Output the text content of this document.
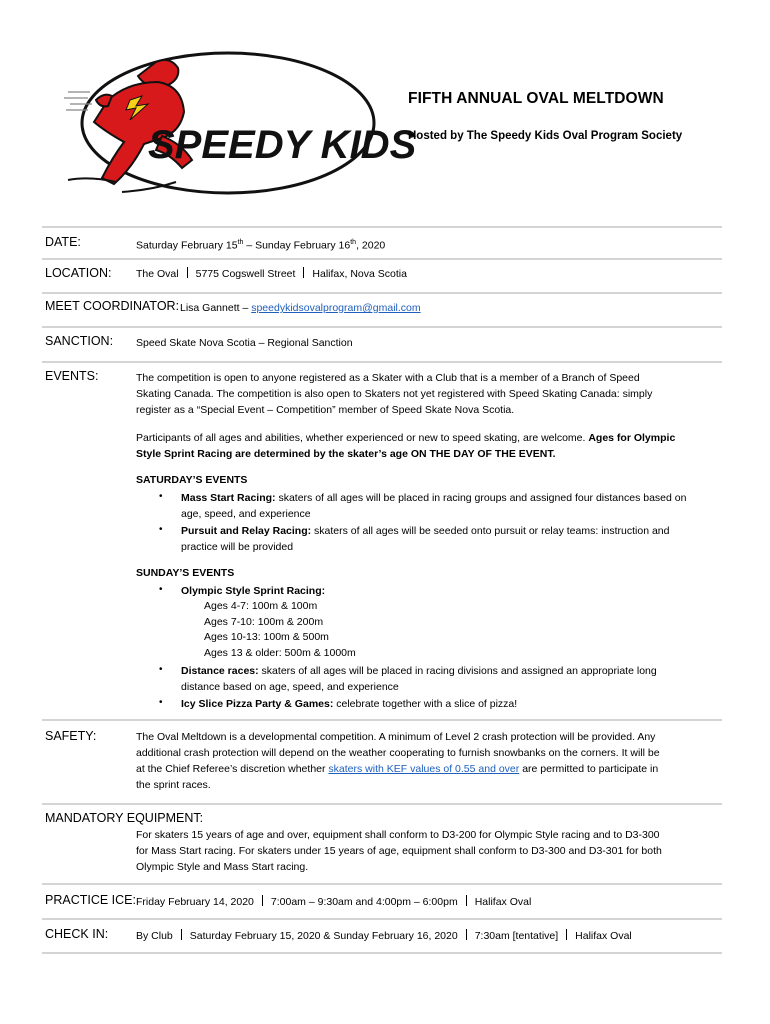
SPEEDY KIDS
FIFTH ANNUAL OVAL MELTDOWN
Hosted by The Speedy Kids Oval Program Society
DATE:	Saturday February 15th – Sunday February 16th, 2020
LOCATION: The Oval 5775 Cogswell Street Halifax, Nova Scotia
MEET COORDINATOR: Lisa Gannett – speedykidsovalprogram@gmail.com
SANCTION: Speed Skate Nova Scotia – Regional Sanction
EVENTS:	The competition is open to anyone registered as a Skater with a Club that is a member of a Branch of Speed
Skating Canada. The competition is also open to Skaters not yet registered with Speed Skating Canada: simply
register as a “Special Event – Competition” member of Speed Skate Nova Scotia.
Participants of all ages and abilities, whether experienced or new to speed skating, are welcome. Ages for Olympic
Style Sprint Racing are determined by the skater’s age ON THE DAY OF THE EVENT.
SATURDAY’S EVENTS
• Mass Start Racing: skaters of all ages will be placed in racing groups and assigned four distances based on
age, speed, and experience
• Pursuit and Relay Racing: skaters of all ages will be seeded onto pursuit or relay teams: instruction and
practice will be provided
SUNDAY’S EVENTS
• Olympic Style Sprint Racing:
Ages 4-7: 100m & 100m
Ages 7-10: 100m & 200m
Ages 10-13: 100m & 500m
Ages 13 & older: 500m & 1000m
• Distance races: skaters of all ages will be placed in racing divisions and assigned an appropriate long
distance based on age, speed, and experience
• Icy Slice Pizza Party & Games: celebrate together with a slice of pizza!
SAFETY:	The Oval Meltdown is a developmental competition. A minimum of Level 2 crash protection will be provided. Any
additional crash protection will depend on the weather cooperating to furnish snowbanks on the corners. It will be
at the Chief Referee’s discretion whether skaters with KEF values of 0.55 and over are permitted to participate in
the sprint races.
MANDATORY EQUIPMENT:
For skaters 15 years of age and over, equipment shall conform to D3-200 for Olympic Style racing and to D3-300
for Mass Start racing. For skaters under 15 years of age, equipment shall conform to D3-300 and D3-301 for both
Olympic Style and Mass Start racing.
PRACTICE ICE: Friday February 14, 2020 7:00am – 9:30am and 4:00pm – 6:00pm Halifax Oval
CHECK IN:	By Club Saturday February 15, 2020 & Sunday February 16, 2020 7:30am [tentative] Halifax Oval
